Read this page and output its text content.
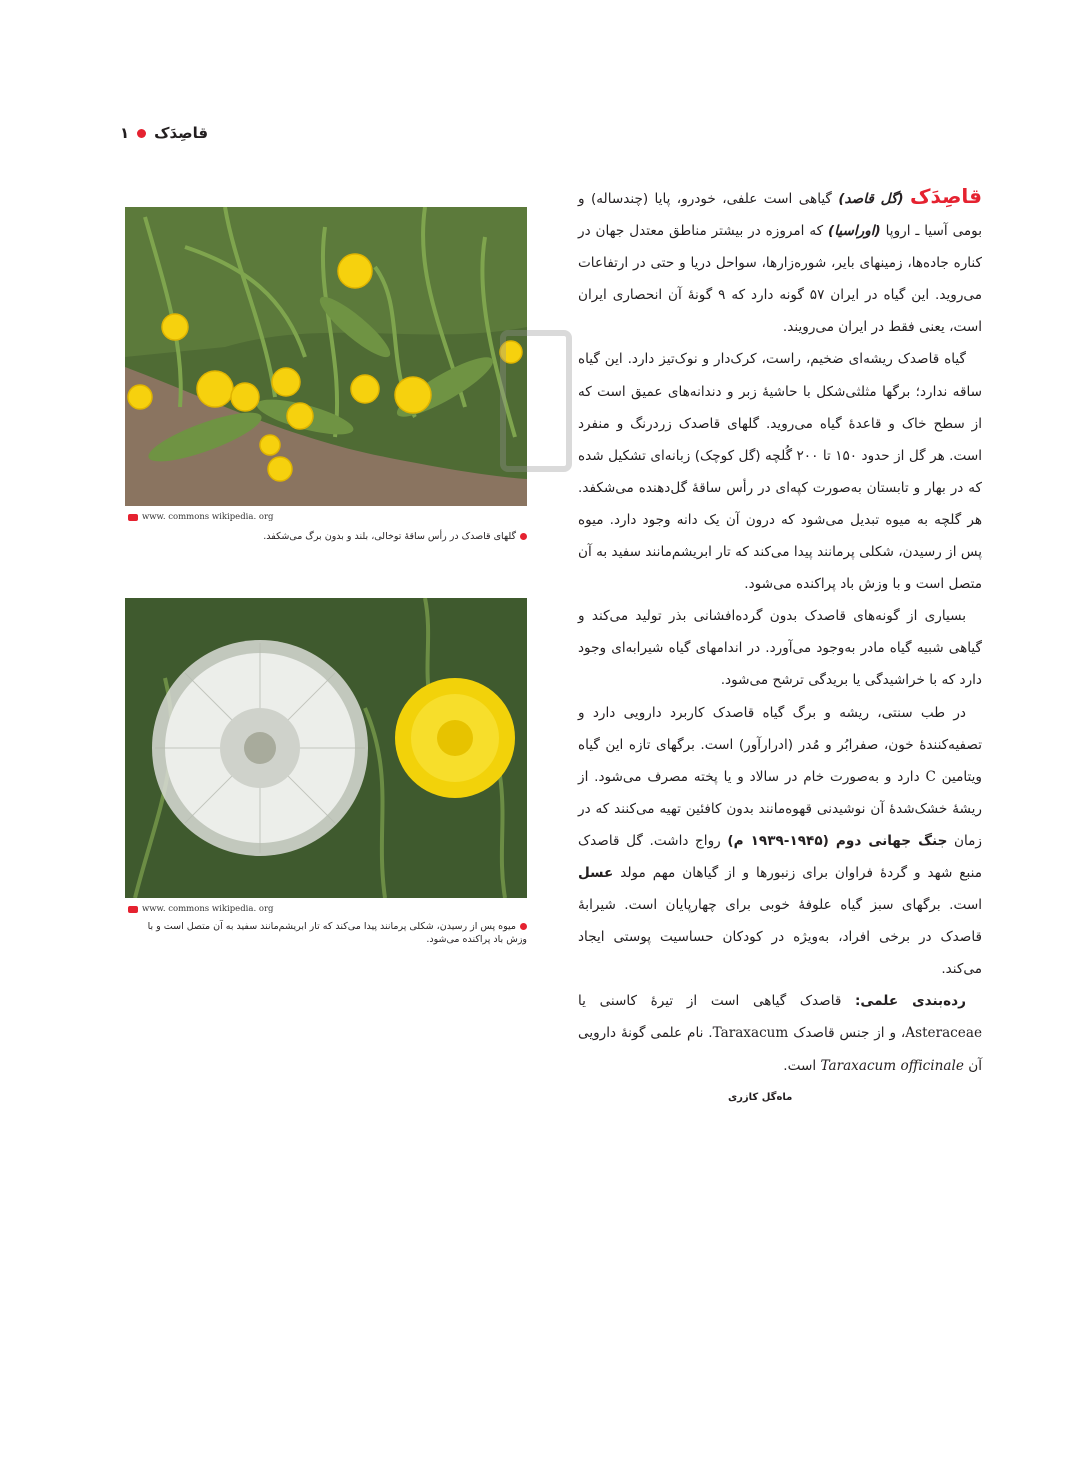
قاصِدَک
۱
www. commons wikipedia. org
گلهای قاصدک در رأس ساقهٔ توخالی، بلند و بدون برگ می‌شکفد.
www. commons wikipedia. org
میوه پس از رسیدن، شکلی پرمانند پیدا می‌کند که تار ابریشم‌مانند سفید به آن متصل است و با وزش باد پراکنده می‌شود.

قاصِدَک (گل قاصد) گیاهی است علفی، خودرو، پایا (چندساله) و بومی آسیا ـ اروپا (اوراسیا) که امروزه در بیشتر مناطق معتدل جهان در کناره جاده‌ها، زمینهای بایر، شوره‌زارها، سواحل دریا و حتی در ارتفاعات می‌روید. این گیاه در ایران ۵۷ گونه دارد که ۹ گونهٔ آن انحصاری ایران است، یعنی فقط در ایران می‌رویند.

گیاه قاصدک ریشه‌ای ضخیم، راست، کرک‌دار و نوک‌تیز دارد. این گیاه ساقه ندارد؛ برگها مثلثی‌شکل با حاشیهٔ زبر و دندانه‌های عمیق است که از سطح خاک و قاعدهٔ گیاه می‌روید. گلهای قاصدک زردرنگ و منفرد است. هر گل از حدود ۱۵۰ تا ۲۰۰ گُلچه (گل کوچک) زبانه‌ای تشکیل شده که در بهار و تابستان به‌صورت کپه‌ای در رأس ساقهٔ گل‌دهنده می‌شکفد. هر گلچه به میوه تبدیل می‌شود که درون آن یک دانه وجود دارد. میوه پس از رسیدن، شکلی پرمانند پیدا می‌کند که تار ابریشم‌مانند سفید به آن متصل است و با وزش باد پراکنده می‌شود.

بسیاری از گونه‌های قاصدک بدون گرده‌افشانی بذر تولید می‌کند و گیاهی شبیه گیاه مادر به‌وجود می‌آورد. در اندامهای گیاه شیرابه‌ای وجود دارد که با خراشیدگی یا بریدگی ترشح می‌شود.

در طب سنتی، ریشه و برگ گیاه قاصدک کاربرد دارویی دارد و تصفیه‌کنندهٔ خون، صفرابُر و مُدر (ادرارآور) است. برگهای تازه این گیاه ویتامین C دارد و به‌صورت خام در سالاد و یا پخته مصرف می‌شود. از ریشهٔ خشک‌شدهٔ آن نوشیدنی قهوه‌مانند بدون کافئین تهیه می‌کنند که در زمان جنگ جهانی دوم (۱۹۴۵-۱۹۳۹ م) رواج داشت. گل قاصدک منبع شهد و گردهٔ فراوان برای زنبورها و از گیاهان مهم مولد عسل است. برگهای سبز گیاه علوفهٔ خوبی برای چهارپایان است. شیرابهٔ قاصدک در برخی افراد، به‌ویژه در کودکان حساسیت پوستی ایجاد می‌کند.

رده‌بندی علمی: قاصدک گیاهی است از تیرهٔ کاسنی یا Asteraceae، و از جنس قاصدک Taraxacum. نام علمی گونهٔ دارویی آن Taraxacum officinale است.

ماه‌گل کازری
